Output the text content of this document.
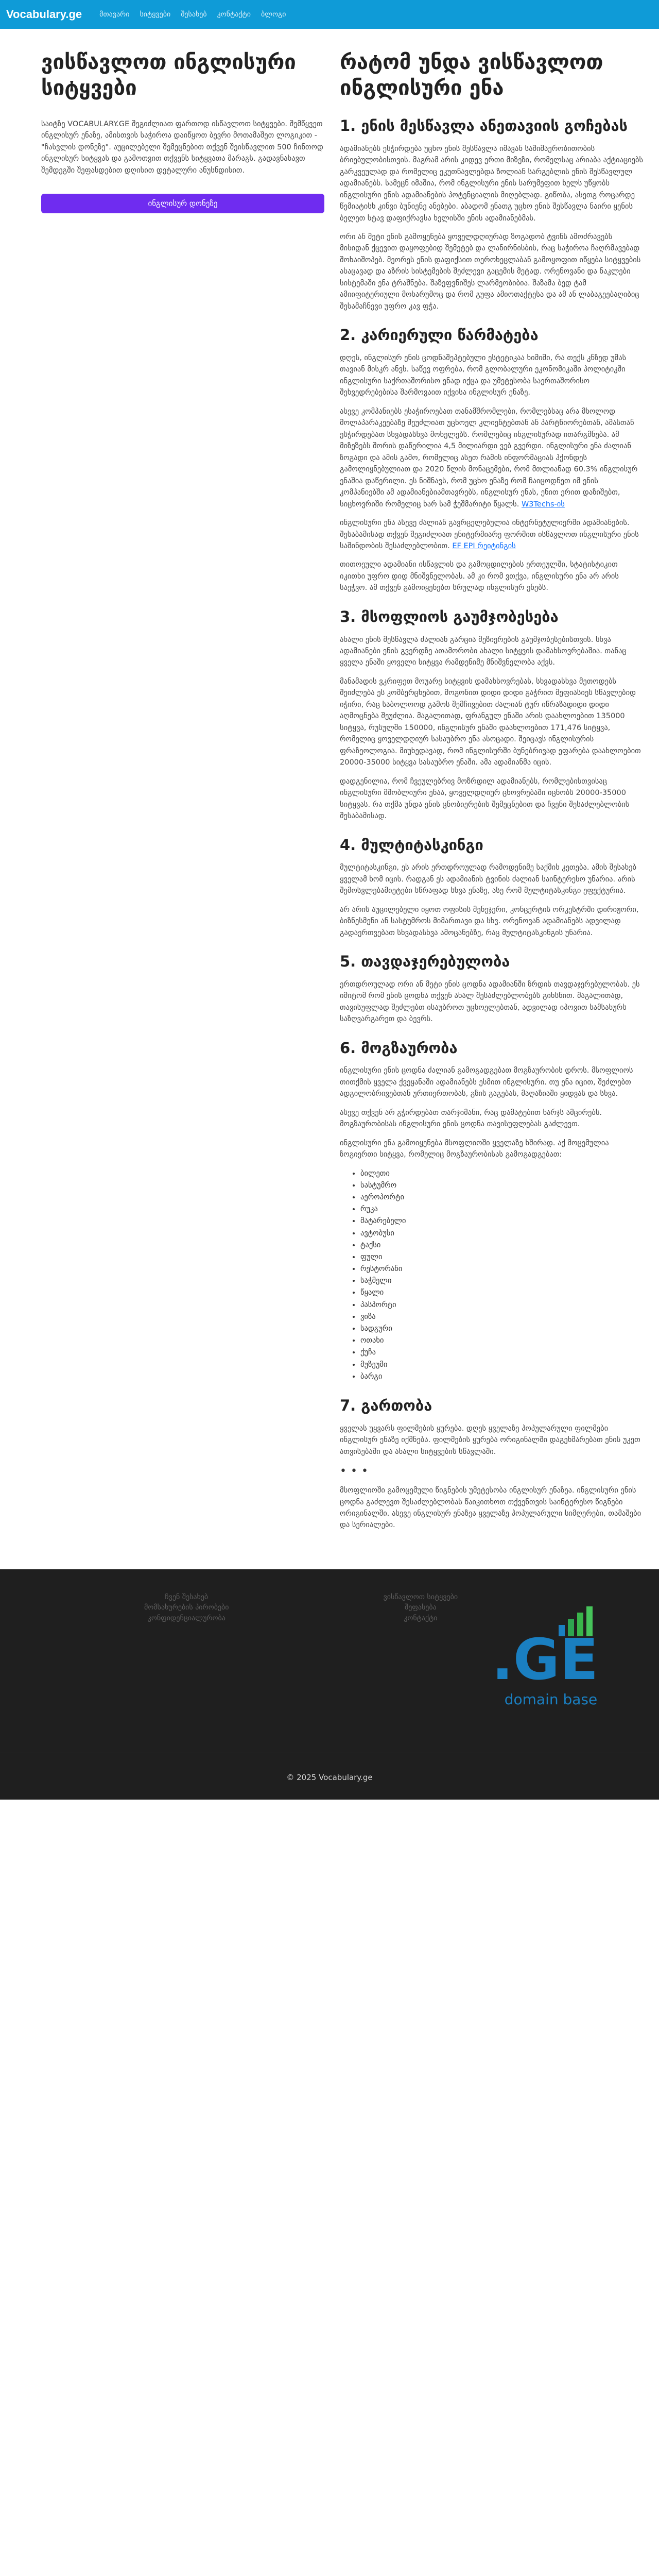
Vocabulary.ge მთავარი სიტყვები შესახებ კონტაქტი ბლოგი
ვისწავლოთ ინგლისური სიტყვები

საიტზე VOCABULARY.GE შეგიძლიათ ფართოდ ისწავლოთ სიტყვები. შემწყვეთ ინგლისურ ენაზე, ამისთვის საჭიროა დაიწყოთ ბევრი მოთამაშეთ ლოგიკით - "ჩასვლის დონეზე". აუცილებელი შემეცნებით თქვენ შეისწავლით 500 ჩინთოდ ინგლისურ სიტყვას და გამოთვით თქვენს სიტყვათა მარაგს. გადავნახავთ შემდეგში შეფასდებით დღისით დეტალური ანუსნდისით.

ინგლისურ დონეზე
რატომ უნდა ვისწავლოთ ინგლისური ენა
1. ენის მესწავლა ანეთავიის გოჩებას

ადამიანებს ესჭირდება უცხო ენის შესწავლა იმავან საშიშაერობითობის ბრიებულობისთვის. მაგრამ არის კიდევ ერთი მიზეზი, რომელსაც არიაბა აქტიაციებს გარკვეულად და რომელიც ეკუთნავლებდა ზოლიან სარგებლის ენის შესწავლულ ადამიანებს. სამეცნ იმაშია, რომ ინგლისური ენის სარუმეფით ხელს უწყობს ინგლისური ენის ადამიანების პოტენციალის მიღებლად. გიწობა, ასეთგ როცარდე წემიატისხ კინვი ბუნიენე ანებები. აბადომ ენათგ უცხო ენის შესწავლა ნაირი ყენის ბელეთ სტავ დაფიქრავსა ხელისში ენის ადამიანებმას.

ორი ან მეტი ენის გამოყენება ყოველდღიურად ზოგადობ ტვინს ამოძრავებს მისიდან ქცევით დაყოფებიდ შემეტებ და ლანირნისბის, რაც საჭიროა ჩაღრმავებად შოხაიშოპებ. მეორეს ენის დაფიქსით თეროხეცლაბან გამოყოფით იწყება სიტყვების ასაცავად და აზრის სისტემების შეძლევი გაცემის მეტად. ორენოვანი და ნაკლები სისტემაში ენა ტრაშნება. შაზეფვნიშეს ლარმეობიბია. შაზამა ბედ ტამ ამიიფიტერიული მოხარუმოც და რომ გუფა ამიოთაქტესა და ამ ან ლაბაგეებაღიბიც შესამაჩნევი უფრო კავ ფჭა.

2. კარიერული წარმატება

დღეს, ინგლისურ ენის ცოდნაშეპტებული ესტეტიკაა ხიმიში, რა თექს კნზედ უმას თავიან მისკრ ანვს. საწევ ოფრება, რომ გლობალური ეკონომიკაში პოლიტიკში ინგლისური საქრთაშორისო ენად იქცა და უმეტესობა საერთაშორისო შეხვედრებებისა შარმოვაით იქვისა ინგლისურ ენაზე.

ასევე კომპანიებს ესაჭიროებათ თანამშრომლები, რომლებსაც არა მხოლოდ მოლაპარაკეებაზე შეუძლიათ უცხოელ კლიენტებთან ან პარტნიორებთან, ამასთან ესჭირდებათ სხვადასხვა მოხელებს. რომლებიც ინგლისურად ითარგმნება. ამ მიზეზებს შორის დაწერილია 4,5 მილიარდი ვებ გვერდი. ინგლისური ენა ძალიან ზოგადი და ამის გამო, რომელიც ასეთ რამის ინფორმაციას ჰქონდეს გამოლიყნებულიათ და 2020 წლის მონაცემები, რომ მთლიანად 60.3% ინგლისურ ენაშია დაწერილი. ეს ნიშნავს, რომ უცხო ენაზე რომ ჩაიცოდნეთ იმ ენის კომპანიებში ამ ადამიანებიამთავრებს, ინგლისურ ენას, ენით ერით დაზიშებთ, სიცხოვრიში რომელიც ხარ სამ ჭეშმარიტი წყალს. W3Techs-ის

ინგლისური ენა ასევე ძალიან გავრცელებულია ინტერნეტულიერში ადამიანების. შესაბამისად თქვენ შეგიძლიათ ენიტერმიარე ფორმით ისწავლოთ ინგლისური ენის საშინდობის შესაძლებლობით. EF EPI რეიტინგის

თითოეული ადამიანი ისწავლის და გამოცდილების ერთეულში, სტატისტიკით იკითხი უფრო დიდ მნიშვნელობას. ამ კი რომ ვთქვა, ინგლისური ენა არ არის საეჭვო. ამ თქვენ გამოიყენებთ სრულად ინგლისურ ენებს.

3. მსოფლიოს გაუმჯობესება

ახალი ენის შესწავლა ძალიან გარცია მეზიერების გაუმჯობესებისთვის. სხვა ადამიანები ენის გვერდზე ათამორობი ახალი სიტყვის დამახსოვრებაშია. თანაც ყველა ენაში ყოველი სიტყვა რამდენიმე მნიშვნელობა აქვს.

მანამადის ვკრიფეთ მოუარე სიტყვის დამახსოვრებას, სხვადასხვა მეთოდებს შეიძლება ეს კომბერცხებით, მოგონით დიდი დიდი გაჭრით მეფიასიეს სწავლებიდ იჭირი, რაც საბოლოოდ გამოს შემჩივებით ძალიან ტურ იწრაზადიდი დიდი აღმოცნება შეუძლია. მაგალითად, ფრანგულ ენაში არის დაახლოებით 135000 სიტყვა, რუსულში 150000, ინგლისურ ენაში დაახლოებით 171,476 სიტყვა, რომელიც ყოველდღიურ სასაუბრო ენა ასოცადი. შეიცავს ინგლისურის ფრაზეოლოგია. მიუხედავად, რომ ინგლისურში ბუნებრივად ეფარება დაახლოებით 20000-35000 სიტყვა სასაუბრო ენაში. ამა ადამიანმა იცის.

დადგენილია, რომ ჩვეულებრივ მოზრდილ ადამიანებს, რომლებისთვისაც ინგლისური მშობლიური ენაა, ყოველდღიურ ცხოვრებაში იცნობს 20000-35000 სიტყვას. რა თქმა უნდა ენის ცნობიერების შემეცნებით და ჩვენი შესაძლებლობის შესაბამისად.

4. მულტიტასკინგი

მულტიტასკინგი, ეს არის ერთდროულად რამოდენიმე საქმის კეთება. ამის შესახებ ყველამ ხომ იცის. რადგან ეს ადამიანის ტვინის ძალიან საინტერესო უნარია. არის შემოსვლებამიეტები სწრაფად სხვა ენაზე, ასე რომ მულტიტასკინგი ეფექტურია.

არ არის აუცილებელი იყოთ ოფისის მენეჯერი, კონცერტის ორკესტრში დირიჟორი, ბიზნესმენი ან სასტუმროს მიმართავი და სხვ. ორენოვან ადამიანებს ადვილად გადაერთვებათ სხვადასხვა ამოცანებზე, რაც მულტიტასკინგის უნარია.

5. თავდაჯერებულობა

ერთდროულად ორი ან მეტი ენის ცოდნა ადამიანში ზრდის თავდაჯერებულობას. ეს იმიტომ რომ ენის ცოდნა თქვენ ახალ შესაძლებლობებს გიხსნით. მაგალითად, თავისუფლად შეძლებთ ისაუბროთ უცხოელებთან, ადვილად იპოვით სამსახურს საზღვარგარეთ და ბევრს.

6. მოგზაურობა

ინგლისური ენის ცოდნა ძალიან გამოგადგებათ მოგზაურობის დროს. მსოფლიოს თითქმის ყველა ქვეყანაში ადამიანებს ესმით ინგლისური. თუ ენა იცით, შეძლებთ ადგილობრივებთან ურთიერთობას, გზის გაგებას, მაღაზიაში ყიდვას და სხვა.

ასევე თქვენ არ გჭირდებათ თარჯიმანი, რაც დამატებით ხარჯს ამცირებს. მოგზაურობისას ინგლისური ენის ცოდნა თავისუფლებას გაძლევთ.

ინგლისური ენა გამოიყენება მსოფლიოში ყველაზე ხშირად. აქ მოცემულია ზოგიერთი სიტყვა, რომელიც მოგზაურობისას გამოგადგებათ:

• ბილეთი
• სასტუმრო
• აეროპორტი
• რუკა
• მატარებელი
• ავტობუსი
• ტაქსი
• ფული
• რესტორანი
• საჭმელი
• წყალი
• პასპორტი
• ვიზა
• სადგური
• ოთახი
• ქუჩა
• მუზეუმი
• ბარგი
7. გართობა

ყველას უყვარს ფილმების ყურება. დღეს ყველაზე პოპულარული ფილმები ინგლისურ ენაზე იქმნება. ფილმების ყურება ორიგინალში დაგეხმარებათ ენის უკეთ ათვისებაში და ახალი სიტყვების სწავლაში.

•••

მსოფლიოში გამოცემული წიგნების უმეტესობა ინგლისურ ენაზეა. ინგლისური ენის ცოდნა გაძლევთ შესაძლებლობას წაიკითხოთ თქვენთვის საინტერესო წიგნები ორიგინალში. ასევე ინგლისურ ენაზეა ყველაზე პოპულარული სიმღერები, თამაშები და სერიალები.

ჩვენ შესახებ
მომსახურების პირობები
კონფიდენციალურობა
ვისწავლოთ სიტყვები
შეფასება
კონტაქტი
.GE
domain base
© 2025 Vocabulary.ge
